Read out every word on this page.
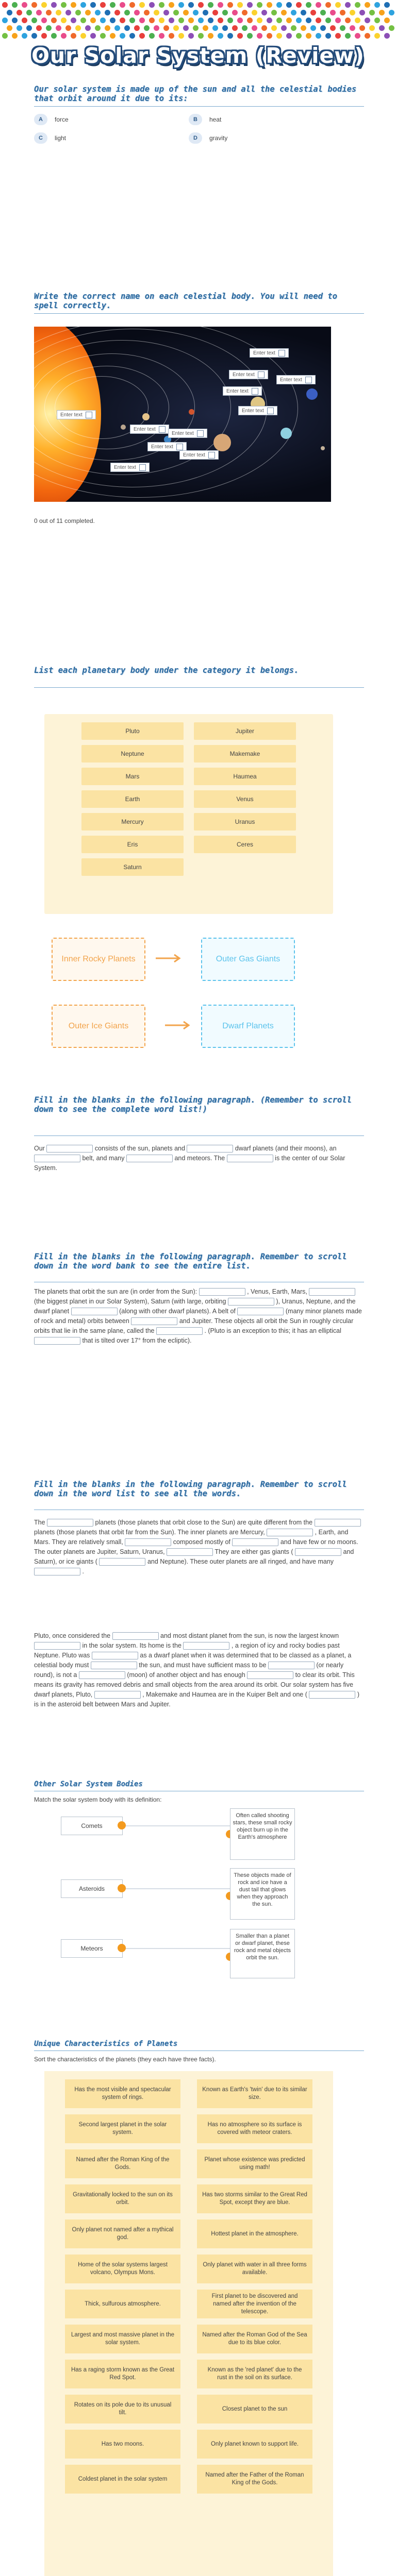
Our Solar System (Review)
Our solar system is made up of the sun and all the celestial bodies that orbit around it due to its:
A	force	B	heat
C	light	D	gravity
Write the correct name on each celestial body. You will need to spell correctly.
Enter text
Enter text
Enter text
Enter text
Enter text
Enter text
Enter text
Enter text
Enter text
Enter text
Enter text
0 out of 11 completed.
List each planetary body under the category it belongs.
Pluto	Jupiter
Neptune	Makemake
Mars	Haumea
Earth	Venus
Mercury	Uranus
Eris	Ceres
Saturn
Inner Rocky Planets	Outer Gas Giants
Outer Ice Giants	Dwarf Planets
Fill in the blanks in the following paragraph. (Remember to scroll down to see the complete word list!)
Our	consists of the sun, planets and	dwarf planets (and their moons), an  belt, and many	and meteors. The	is the center of our Solar System.
Fill in the blanks in the following paragraph. Remember to scroll down in the word bank to see the entire list.
The planets that orbit the sun are (in order from the Sun):	, Venus, Earth, Mars,  (the biggest planet in our Solar System), Saturn (with large, orbiting	), Uranus, Neptune, and the dwarf planet	(along with other dwarf planets). A belt of	(many minor planets made of rock and metal) orbits between	and Jupiter. These objects all orbit the Sun in roughly circular orbits that lie in the same plane, called the	. (Pluto is an exception to this; it has an elliptical  that is tilted over 17° from the ecliptic).
Fill in the blanks in the following paragraph. Remember to scroll down in the word list to see all the words.
The	planets (those planets that orbit close to the Sun) are quite different from the  planets (those planets that orbit far from the Sun). The inner planets are Mercury,	, Earth, and Mars. They are relatively small,	composed mostly of	and have few or no moons. The outer planets are Jupiter, Saturn, Uranus,	They are either gas giants (	and Saturn), or ice giants (	and Neptune). These outer planets are all ringed, and have many  .
Pluto, once considered the	and most distant planet from the sun, is now the largest known  in the solar system. Its home is the	, a region of icy and rocky bodies past Neptune. Pluto was	as a dwarf planet when it was determined that to be classed as a planet, a celestial body must	the sun, and must have sufficient mass to be	(or nearly round), is not a	(moon) of another object and has enough	to clear its orbit. This means its gravity has removed debris and small objects from the area around its orbit. Our solar system has five dwarf planets, Pluto,	, Makemake and Haumea are in the Kuiper Belt and one (	) is in the asteroid belt between Mars and Jupiter.
Other Solar System Bodies
Match the solar system body with its definition:
Comets
Often called shooting stars, these small rocky object burn up in the Earth's atmosphere
Asteroids
These objects made of rock and ice have a dust tail that glows when they approach the sun.
Meteors
Smaller than a planet or dwarf planet, these rock and metal objects orbit the sun.
Unique Characteristics of Planets
Sort the characteristics of the planets (they each have three facts).
Has the most visible and spectacular system of rings.
Known as Earth's 'twin' due to its similar size.
Second largest planet in the solar system.
Has no atmosphere so its surface is covered with meteor craters.
Named after the Roman King of the Gods.
Planet whose existence was predicted using math!
Gravitationally locked to the sun on its orbit.
Has two storms similar to the Great Red Spot, except they are blue.
Only planet not named after a mythical god.
Hottest planet in the atmosphere.
Home of the solar systems largest volcano, Olympus Mons.
Only planet with water in all three forms available.
Thick, sulfurous atmosphere.
First planet to be discovered and named after the invention of the telescope.
Largest and most massive planet in the solar system.
Named after the Roman God of the Sea due to its blue color.
Has a raging storm known as the Great Red Spot.
Known as the 'red planet' due to the rust in the soil on its surface.
Rotates on its pole due to its unusual tilt.
Closest planet to the sun
Has two moons.	Only planet known to support life.
Coldest planet in the solar system
Named after the Father of the Roman King of the Gods.
